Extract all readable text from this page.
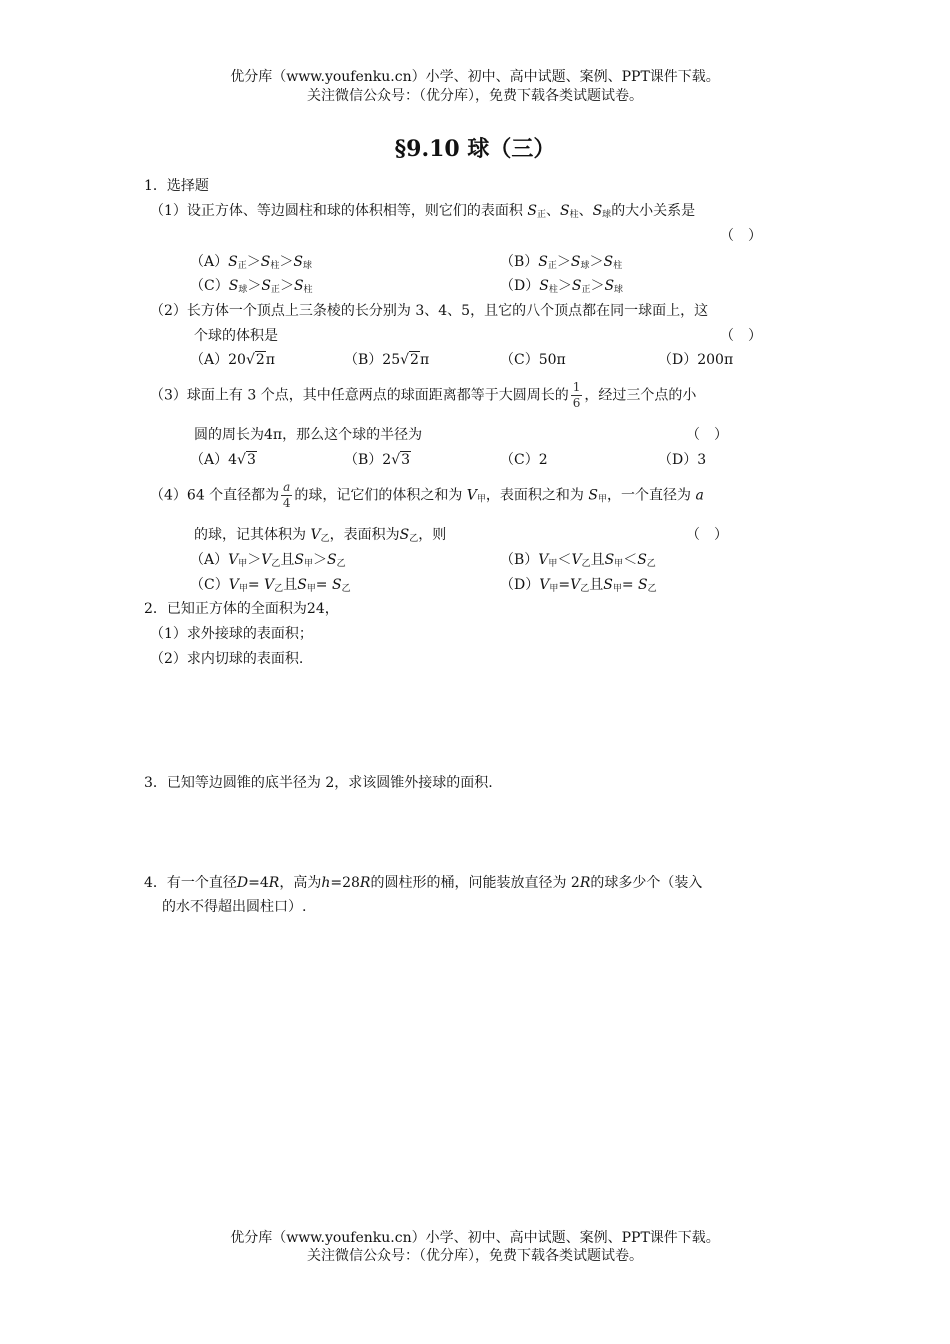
优分库（www.youfenku.cn）小学、初中、高中试题、案例、PPT课件下载。
关注微信公众号：（优分库），免费下载各类试题试卷。
§9.10 球（三）
1．选择题
（1）设正方体、等边圆柱和球的体积相等，则它们的表面积 $S_正$、$S_柱$、$S_球$的大小关系是
（　）
$(A)S_正>S_柱>S_球$	$(B)S_正>S_球>S_柱$
$(C)S_球>S_正>S_柱$	$(D)S_柱>S_正>S_球$
（2）长方体一个顶点上三条棱的长分别为 3、4、5，且它的八个顶点都在同一球面上，这
个球的体积是	（　）
（A）20√2π	（B）25√2π	（C）50π	（D）200π
（3）球面上有 3 个点，其中任意两点的球面距离都等于大圆周长的 $\frac{1}{6}$ ，经过三个点的小
圆的周长为4π，那么这个球的半径为	（　）
（A）4√3	（B）2√3	（C）2	（D）3
（4）64 个直径都为 $\frac{a}{4}$ 的球，记它们的体积之和为 $V_甲$，表面积之和为 $S_甲$，一个直径为 a
的球，记其体积为 $V_乙$，表面积为$S_乙$，则	（　）
$(A)V_甲>V_乙$且$S_甲>S_乙$	$(B)V_甲<V_乙$且$S_甲<S_乙$
$(C)V_甲= V_乙$且$S_甲= S_乙$	$(D)V_甲=V_乙$且$S_甲= S_乙$
2．已知正方体的全面积为24，
（1）求外接球的表面积；
（2）求内切球的表面积.
3．已知等边圆锥的底半径为 2，求该圆锥外接球的面积.
4．有一个直径D=4R，高为h=28R的圆柱形的桶，问能装放直径为 2R的球多少个（装入
的水不得超出圆柱口）.
优分库（www.youfenku.cn）小学、初中、高中试题、案例、PPT课件下载。
关注微信公众号：（优分库），免费下载各类试题试卷。
